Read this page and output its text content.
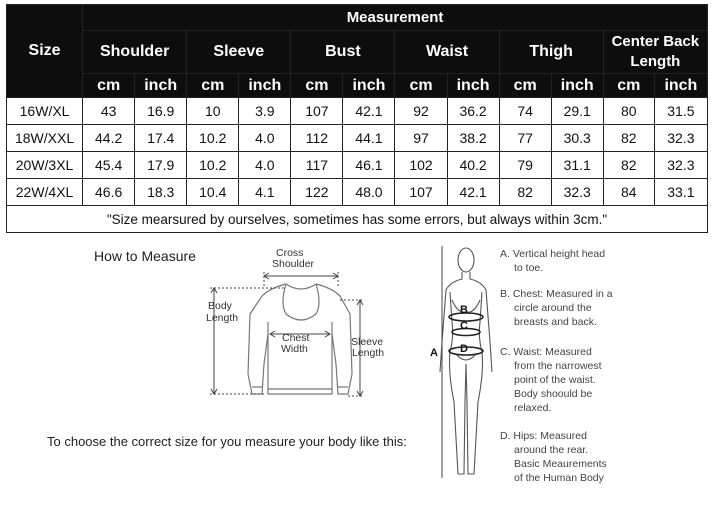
Size	Measurement											
	Shoulder		Sleeve		Bust		Waist		Thigh		Center Back Length	
	cm	inch	cm	inch	cm	inch	cm	inch	cm	inch	cm	inch
16W/XL	43	16.9	10	3.9	107	42.1	92	36.2	74	29.1	80	31.5
18W/XXL	44.2	17.4	10.2	4.0	112	44.1	97	38.2	77	30.3	82	32.3
20W/3XL	45.4	17.9	10.2	4.0	117	46.1	102	40.2	79	31.1	82	32.3
22W/4XL	46.6	18.3	10.4	4.1	122	48.0	107	42.1	82	32.3	84	33.1
"Size mearsured by ourselves, sometimes has some errors, but always within 3cm."												
How to Measure	Cross
Shoulder
Body
Length
Chest
Width
Sleeve
Length
To choose the correct size for you measure your body like this:
B
C
D
A
A. Vertical height head
to toe.
B. Chest: Measured in a
circle around the
breasts and back.
C. Waist: Measured
from the narrowest
point of the waist.
Body shoould be
relaxed.
D. Hips: Measured
around the rear.
Basic Meaurements
of the Human Body
